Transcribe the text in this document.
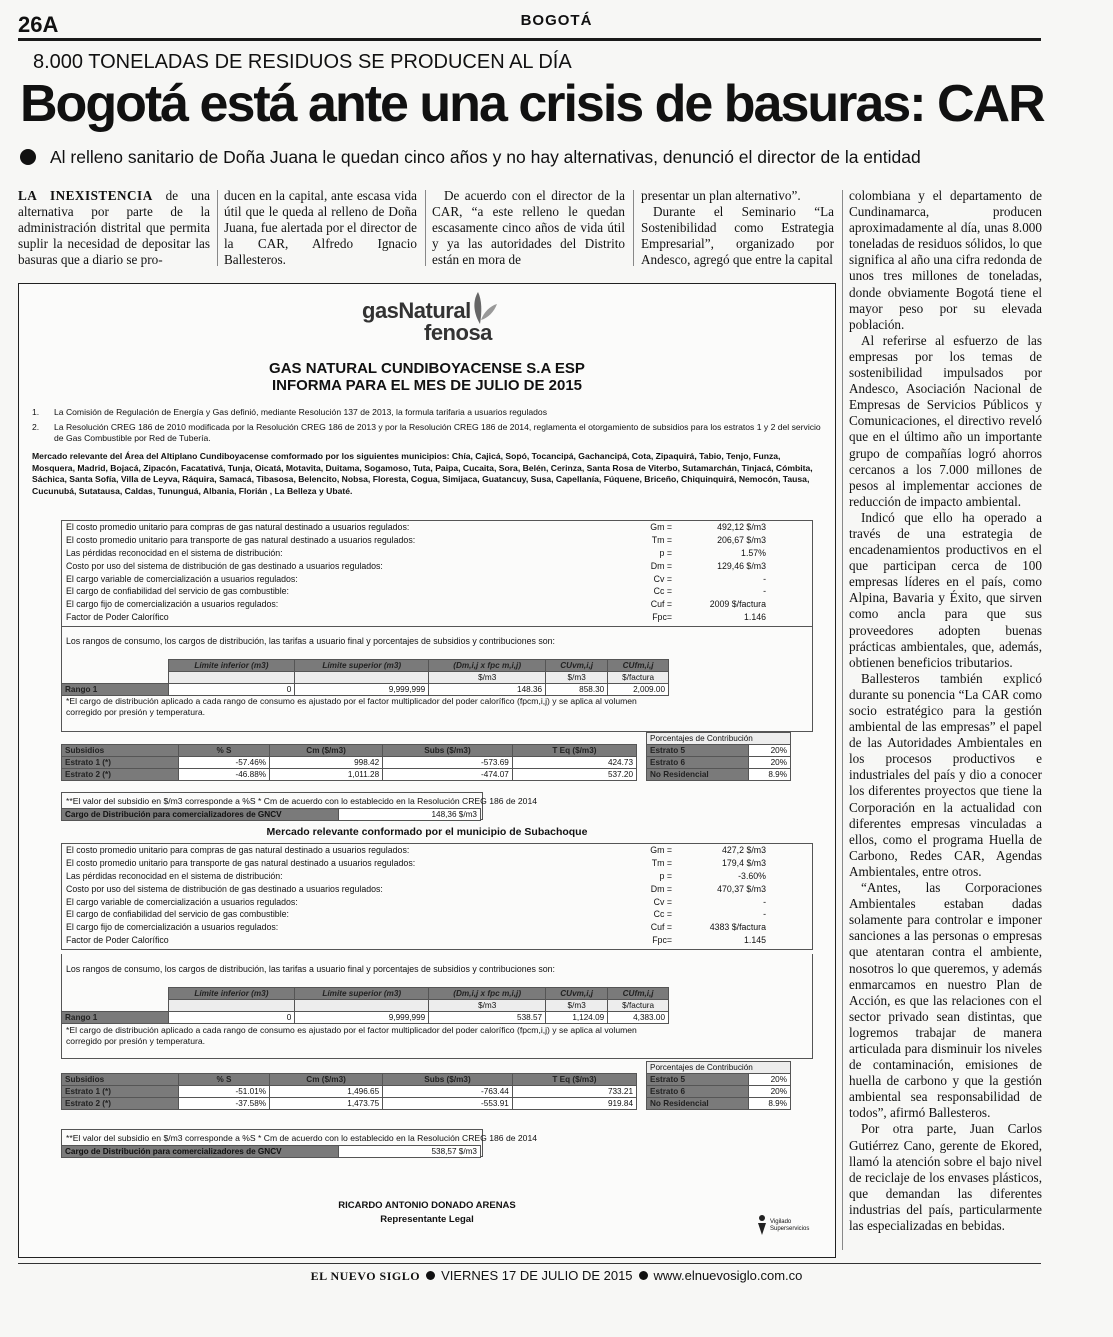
26A	BOGOTÁ
8.000 TONELADAS DE RESIDUOS SE PRODUCEN AL DÍA
Bogotá está ante una crisis de basuras: CAR
Al relleno sanitario de Doña Juana le quedan cinco años y no hay alternativas, denunció el director de la entidad

LA INEXISTENCIA de una alternativa por parte de la administración distrital que permita suplir la necesidad de depositar las basuras que a diario se pro-

ducen en la capital, ante escasa vida útil que le queda al relleno de Doña Juana, fue alertada por el director de la CAR, Alfredo Ignacio Ballesteros.

De acuerdo con el director de la CAR, “a este relleno le quedan escasamente cinco años de vida útil y ya las autoridades del Distrito están en mora de

presentar un plan alternativo”.

Durante el Seminario “La Sostenibilidad como Estrategia Empresarial”, organizado por Andesco, agregó que entre la capital

colombiana y el departamento de Cundinamarca, producen aproximadamente al día, unas 8.000 toneladas de residuos sólidos, lo que significa al año una cifra redonda de unos tres millones de toneladas, donde obviamente Bogotá tiene el mayor peso por su elevada población.

Al referirse al esfuerzo de las empresas por los temas de sostenibilidad impulsados por Andesco, Asociación Nacional de Empresas de Servicios Públicos y Comunicaciones, el directivo reveló que en el último año un importante grupo de compañías logró ahorros cercanos a los 7.000 millones de pesos al implementar acciones de reducción de impacto ambiental.

Indicó que ello ha operado a través de una estrategia de encadenamientos productivos en el que participan cerca de 100 empresas líderes en el país, como Alpina, Bavaria y Éxito, que sirven como ancla para que sus proveedores adopten buenas prácticas ambientales, que, además, obtienen beneficios tributarios.

Ballesteros también explicó durante su ponencia “La CAR como socio estratégico para la gestión ambiental de las empresas” el papel de las Autoridades Ambientales en los procesos productivos e industriales del país y dio a conocer los diferentes proyectos que tiene la Corporación en la actualidad con diferentes empresas vinculadas a ellos, como el programa Huella de Carbono, Redes CAR, Agendas Ambientales, entre otros.

“Antes, las Corporaciones Ambientales estaban dadas solamente para controlar e imponer sanciones a las personas o empresas que atentaran contra el ambiente, nosotros lo que queremos, y además enmarcamos en nuestro Plan de Acción, es que las relaciones con el sector privado sean distintas, que logremos trabajar de manera articulada para disminuir los niveles de contaminación, emisiones de huella de carbono y que la gestión ambiental sea responsabilidad de todos”, afirmó Ballesteros.

Por otra parte, Juan Carlos Gutiérrez Cano, gerente de Ekored, llamó la atención sobre el bajo nivel de reciclaje de los envases plásticos, que demandan las diferentes industrias del país, particularmente las especializadas en bebidas.

gasNatural
fenosa
GAS NATURAL CUNDIBOYACENSE S.A ESP
INFORMA PARA EL MES DE JULIO DE 2015
1. La Comisión de Regulación de Energía y Gas definió, mediante Resolución 137 de 2013, la formula tarifaria a usuarios regulados
2.	La Resolución CREG 186 de 2010 modificada por la Resolución CREG 186 de 2013 y por la Resolución CREG 186 de 2014, reglamenta el otorgamiento de subsidios para los estratos 1 y 2 del servicio de Gas Combustible por Red de Tubería.
Mercado relevante del Área del Altiplano Cundiboyacense comformado por los siguientes municipios: Chía, Cajicá, Sopó, Tocancipá, Gachancipá, Cota, Zipaquirá, Tabio, Tenjo, Funza, Mosquera, Madrid, Bojacá, Zipacón, Facatativá, Tunja, Oicatá, Motavita, Duitama, Sogamoso, Tuta, Paipa, Cucaita, Sora, Belén, Cerinza, Santa Rosa de Viterbo, Sutamarchán, Tinjacá, Cómbita, Sáchica, Santa Sofía, Villa de Leyva, Ráquira, Samacá, Tibasosa, Belencito, Nobsa, Floresta, Cogua, Simijaca, Guatancuy, Susa, Capellanía, Fúquene, Briceño, Chiquinquirá, Nemocón, Tausa, Cucunubá, Sutatausa, Caldas, Tununguá, Albania, Florián , La Belleza y Ubaté.
El costo promedio unitario para compras de gas natural destinado a usuarios regulados:	Gm =	492,12 $/m3
El costo promedio unitario para transporte de gas natural destinado a usuarios regulados:	Tm =	206,67 $/m3
Las pérdidas reconocidad en el sistema de distribución:	p =	1.57%
Costo por uso del sistema de distribución de gas destinado a usuarios regulados:	Dm =	129,46 $/m3
El cargo variable de comercialización a usuarios regulados:	Cv =	-
El cargo de confiabilidad del servicio de gas combustible:	Cc =	-
El cargo fijo de comercialización a usuarios regulados:	Cuf =	2009 $/factura
Factor de Poder Calorífico	Fpc=	1.146
Los rangos de consumo, los cargos de distribución, las tarifas a usuario final y porcentajes de subsidios y contribuciones son:
	Límite inferior (m3)	Límite superior (m3)	(Dm,i,j x fpc m,i,j)	CUvm,i,j	CUfm,i,j
			$/m3	$/m3	$/factura
Rango 1	0	9,999,999	148.36	858.30	2,009.00
*El cargo de distribución aplicado a cada rango de consumo es ajustado por el factor multiplicador del poder calorífico (fpcm,i,j) y se aplica al volumen corregido por presión y temperatura.
Subsidios	% S	Cm ($/m3)	Subs ($/m3)	T Eq ($/m3)
Estrato 1 (*)	-57.46%	998.42	-573.69	424.73
Estrato 2 (*)	-46.88%	1,011.28	-474.07	537.20
Porcentajes de Contribución	
Estrato 5	20%
Estrato 6	20%
No Residencial	8.9%
**El valor del subsidio en $/m3 corresponde a %S * Cm de acuerdo con lo establecido en la Resolución CREG 186 de 2014
Cargo de Distribución para comercializadores de GNCV	148,36 $/m3
Mercado relevante conformado por el municipio de Subachoque
El costo promedio unitario para compras de gas natural destinado a usuarios regulados:	Gm =	427,2 $/m3
El costo promedio unitario para transporte de gas natural destinado a usuarios regulados:	Tm =	179,4 $/m3
Las pérdidas reconocidad en el sistema de distribución:	p =	-3.60%
Costo por uso del sistema de distribución de gas destinado a usuarios regulados:	Dm =	470,37 $/m3
El cargo variable de comercialización a usuarios regulados:	Cv =	-
El cargo de confiabilidad del servicio de gas combustible:	Cc =	-
El cargo fijo de comercialización a usuarios regulados:	Cuf =	4383 $/factura
Factor de Poder Calorífico	Fpc=	1.145
Los rangos de consumo, los cargos de distribución, las tarifas a usuario final y porcentajes de subsidios y contribuciones son:
	Límite inferior (m3)	Límite superior (m3)	(Dm,i,j x fpc m,i,j)	CUvm,i,j	CUfm,i,j
			$/m3	$/m3	$/factura
Rango 1	0	9,999,999	538.57	1,124.09	4,383.00
*El cargo de distribución aplicado a cada rango de consumo es ajustado por el factor multiplicador del poder calorífico (fpcm,i,j) y se aplica al volumen corregido por presión y temperatura.
Subsidios	% S	Cm ($/m3)	Subs ($/m3)	T Eq ($/m3)
Estrato 1 (*)	-51.01%	1,496.65	-763.44	733.21
Estrato 2 (*)	-37.58%	1,473.75	-553.91	919.84
Porcentajes de Contribución	
Estrato 5	20%
Estrato 6	20%
No Residencial	8.9%
**El valor del subsidio en $/m3 corresponde a %S * Cm de acuerdo con lo establecido en la Resolución CREG 186 de 2014
Cargo de Distribución para comercializadores de GNCV	538,57 $/m3
RICARDO ANTONIO DONADO ARENAS
Representante Legal	Vigilado
Superservicios
EL NUEVO SIGLO VIERNES 17 DE JULIO DE 2015 www.elnuevosiglo.com.co
